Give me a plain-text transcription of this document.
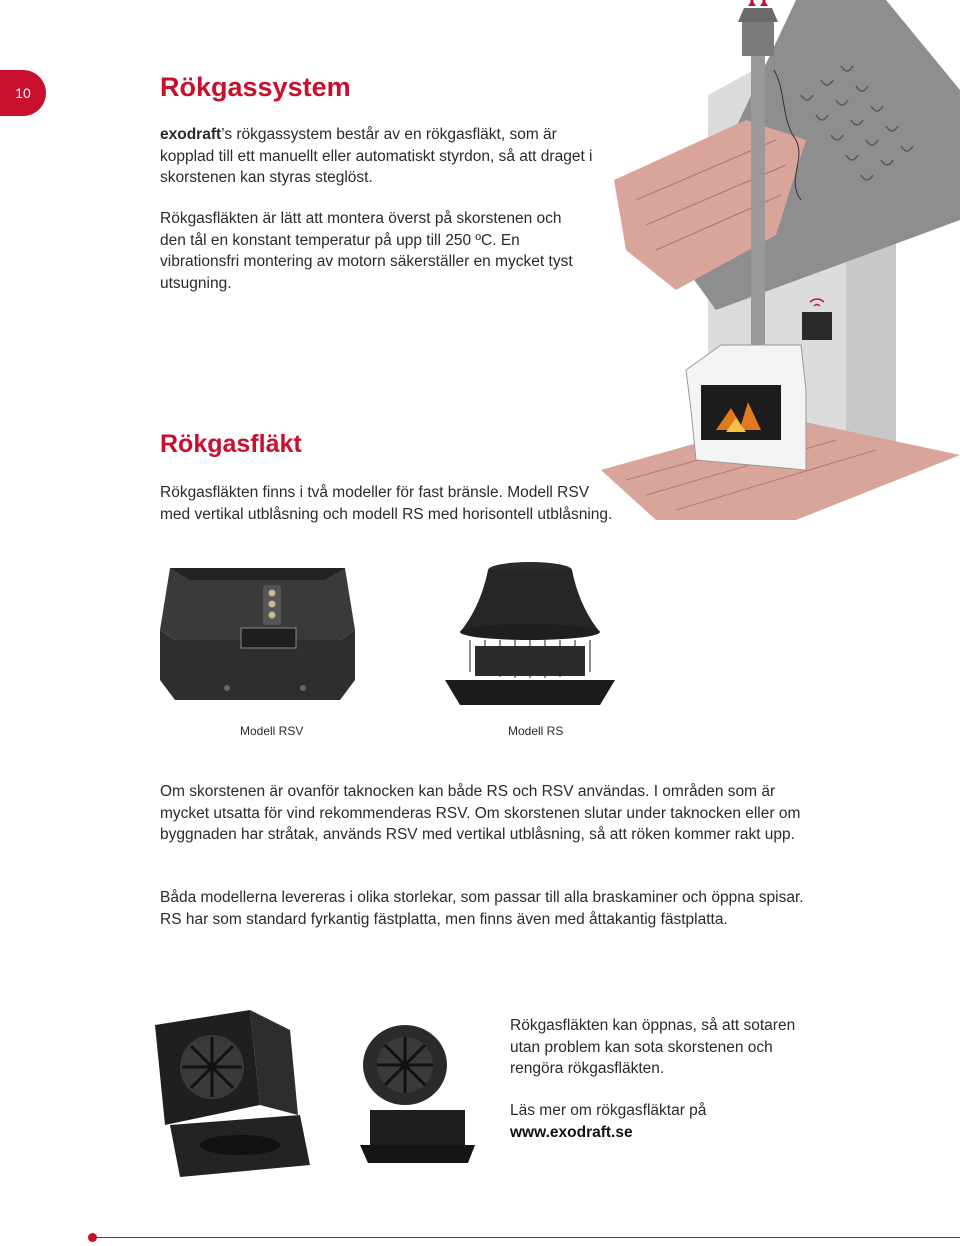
10	Rökgassystem

exodraft’s rökgassystem består av en rökgasfläkt, som är kopplad till ett manuellt eller automatiskt styrdon, så att draget i skorstenen kan styras steglöst.

Rökgasfläkten är lätt att montera överst på skorstenen och den tål en konstant temperatur på upp till 250 ºC. En vibrationsfri montering av motorn säkerställer en mycket tyst utsugning.

Rökgasfläkt

Rökgasfläkten finns i två modeller för fast bränsle. Modell RSV med vertikal utblåsning och modell RS med horisontell utblåsning.

Modell RSV	Modell RS

Om skorstenen är ovanför taknocken kan både RS och RSV användas. I områden som är mycket utsatta för vind rekommenderas RSV. Om skorstenen slutar under taknocken eller om byggnaden har stråtak, används RSV med vertikal utblåsning, så att röken kommer rakt upp.

Båda modellerna levereras i olika storlekar, som passar till alla braskaminer och öppna spisar. RS har som standard fyrkantig fästplatta, men finns även med åttakantig fästplatta.

Rökgasfläkten kan öppnas, så att sotaren utan problem kan sota skorstenen och rengöra rökgasfläkten.

Läs mer om rökgasfläktar på
www.exodraft.se
